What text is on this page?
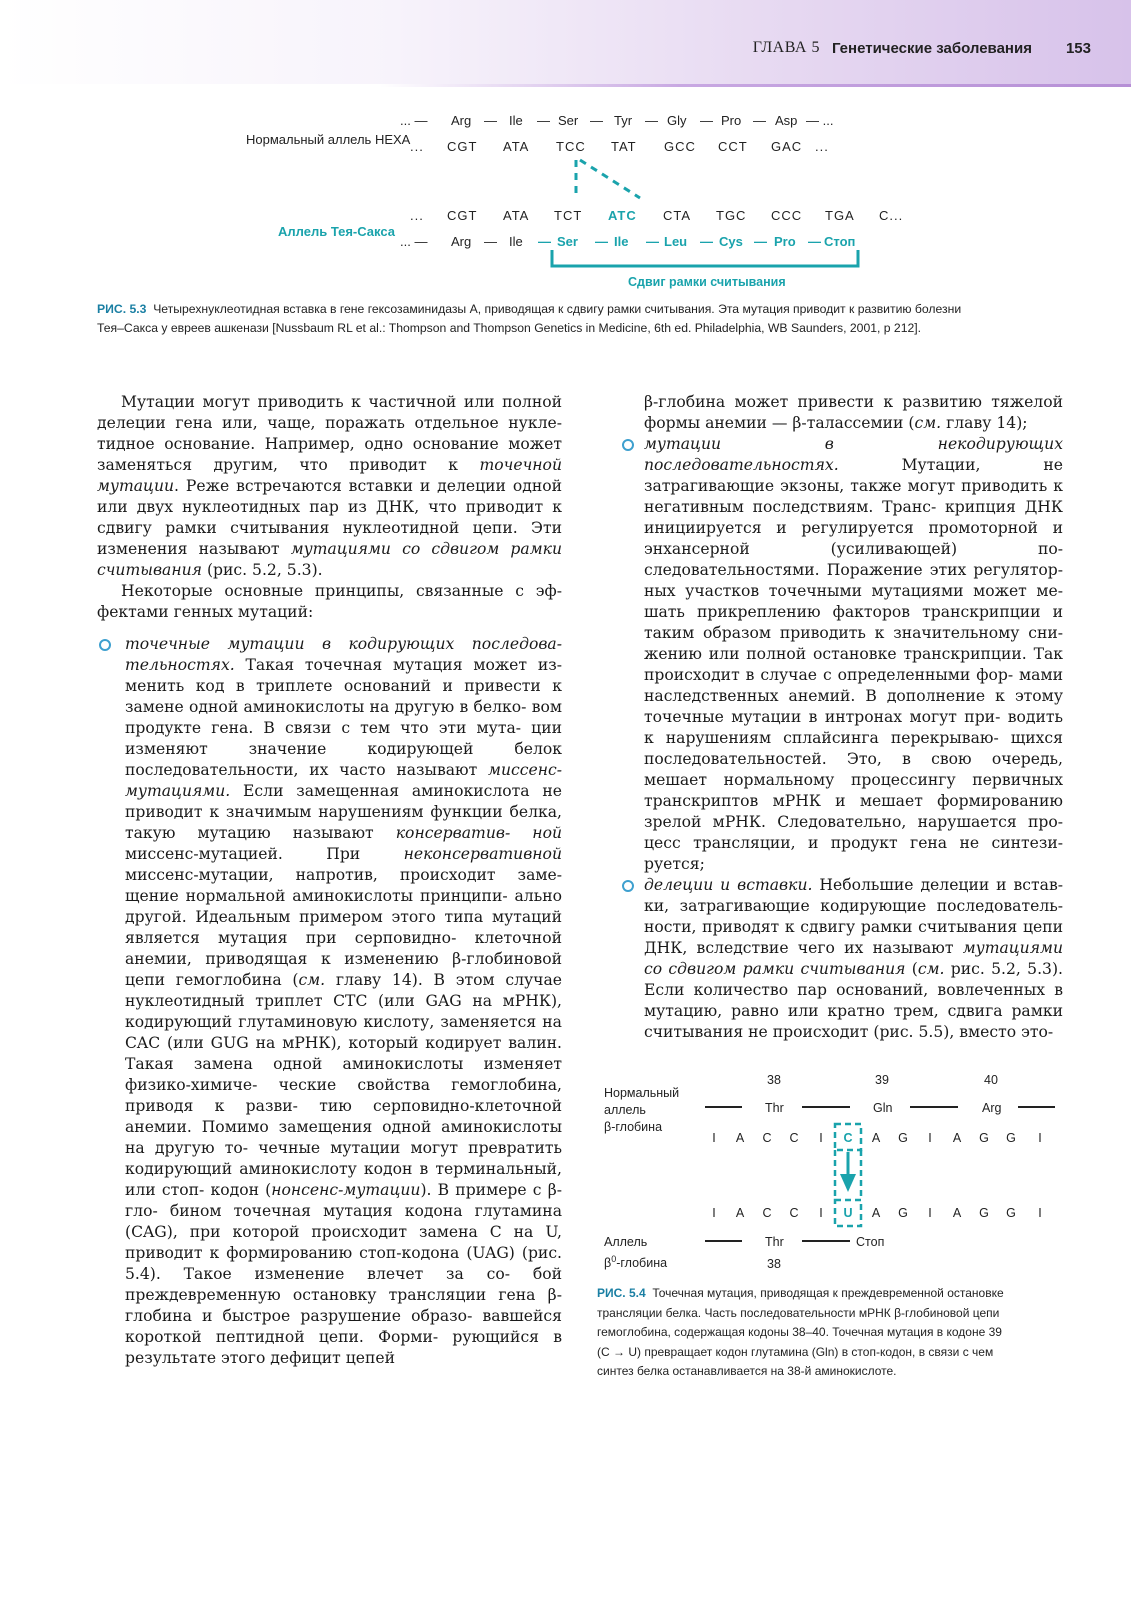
ГЛАВА 5 Генетические заболевания 153
Нормальный аллель HEXA
Аллель Тея-Сакса
... — Arg — Ile — Ser — Tyr — Gly — Pro — Asp — ...
... CGT ATA TCC TAT GCC CCT GAC ...
... CGT ATA TCT ATC CTA TGC CCC TGA C...
... — Arg — Ile — Ser — Ile — Leu — Cys — Pro — Стоп
Сдвиг рамки считывания
РИС. 5.3 Четырехнуклеотидная вставка в гене гексозаминидазы А, приводящая к сдвигу рамки считывания. Эта мутация приводит к развитию болезни
Тея–Сакса у евреев ашкенази [Nussbaum RL et al.: Thompson and Thompson Genetics in Medicine, 6th ed. Philadelphia, WB Saunders, 2001, p 212].

Мутации могут приводить к частичной или полной делеции гена или, чаще, поражать отдельное нукле- тидное основание. Например, одно основание может заменяться другим, что приводит к точечной мутации. Реже встречаются вставки и делеции одной или двух нуклеотидных пар из ДНК, что приводит к сдвигу рамки считывания нуклеотидной цепи. Эти изменения называют мутациями со сдвигом рамки считывания (рис. 5.2, 5.3).

Некоторые основные принципы, связанные с эф- фектами генных мутаций:

точечные мутации в кодирующих последова- тельностях. Такая точечная мутация может из- менить код в триплете оснований и привести к замене одной аминокислоты на другую в белко- вом продукте гена. В связи с тем что эти мута- ции изменяют значение кодирующей белок последовательности, их часто называют миссенс- мутациями. Если замещенная аминокислота не приводит к значимым нарушениям функции белка, такую мутацию называют консерватив- ной миссенс-мутацией. При неконсервативной миссенс-мутации, напротив, происходит заме- щение нормальной аминокислоты принципи- ально другой. Идеальным примером этого типа мутаций является мутация при серповидно- клеточной анемии, приводящая к изменению β-глобиновой цепи гемоглобина (см. главу 14). В этом случае нуклеотидный триплет CTC (или GAG на мРНК), кодирующий глутаминовую кислоту, заменяется на CAC (или GUG на мРНК), который кодирует валин. Такая замена одной аминокислоты изменяет физико-химиче- ческие свойства гемоглобина, приводя к разви- тию серповидно-клеточной анемии. Помимо замещения одной аминокислоты на другую то- чечные мутации могут превратить кодирующий аминокислоту кодон в терминальный, или стоп- кодон (нонсенс-мутации). В примере с β-гло- бином точечная мутация кодона глутамина (CAG), при которой происходит замена C на U, приводит к формированию стоп-кодона (UAG) (рис. 5.4). Такое изменение влечет за со- бой преждевременную остановку трансляции гена β-глобина и быстрое разрушение образо- вавшейся короткой пептидной цепи. Форми- рующийся в результате этого дефицит цепей

β-глобина может привести к развитию тяжелой формы анемии — β-талассемии (см. главу 14);

мутации в некодирующих последовательностях.	Мутации, не затрагивающие экзоны, также могут приводить к негативным последствиям. Транс- крипция ДНК инициируется и регулируется промоторной и энхансерной (усиливающей) по- следовательностями. Поражение этих регулятор- ных участков точечными мутациями может ме- шать прикреплению факторов транскрипции и таким образом приводить к значительному сни- жению или полной остановке транскрипции. Так происходит в случае с определенными фор- мами наследственных анемий. В дополнение к этому точечные мутации в интронах могут при- водить к нарушениям сплайсинга перекрываю- щихся последовательностей. Это, в свою очередь, мешает нормальному процессингу первичных транскриптов мРНК и мешает формированию зрелой мРНК. Следовательно, нарушается про- цесс трансляции, и продукт гена не синтези- руется;
делеции и вставки. Небольшие делеции и встав- ки, затрагивающие кодирующие последователь- ности, приводят к сдвигу рамки считывания цепи ДНК, вследствие чего их называют мутациями со сдвигом рамки считывания (см. рис. 5.2, 5.3). Если количество пар оснований, вовлеченных в мутацию, равно или кратно трем, сдвига рамки считывания не происходит (рис. 5.5), вместо это-
Нормальный
аллель
β-глобина
Аллель
$\beta^0$-глобина
38	39	40
Thr	Gln	Arg
I A C C I C A G I A G G I
I A C C I U A G I A G G I
Thr	Стоп
38
РИС. 5.4 Точечная мутация, приводящая к преждевременной остановке
трансляции белка. Часть последовательности мРНК β-глобиновой цепи
гемоглобина, содержащая кодоны 38–40. Точечная мутация в кодоне 39
(C → U) превращает кодон глутамина (Gln) в стоп-кодон, в связи с чем
синтез белка останавливается на 38-й аминокислоте.
